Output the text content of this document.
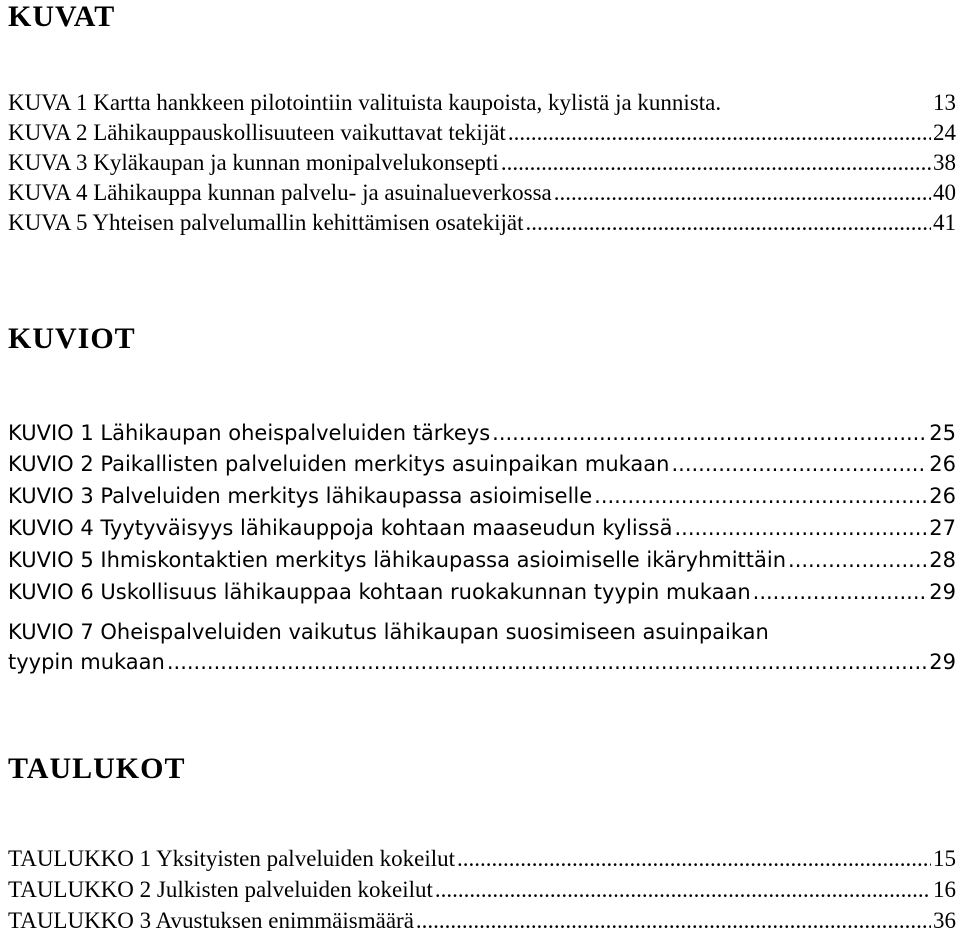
KUVAT
KUVA 1 Kartta hankkeen pilotointiin valituista kaupoista, kylistä ja kunnista.	13
KUVA 2 Lähikauppauskollisuuteen vaikuttavat tekijät .....	24
KUVA 3 Kyläkaupan ja kunnan monipalvelukonsepti .....	38
KUVA 4 Lähikauppa kunnan palvelu- ja asuinalueverkossa .....	40
KUVA 5 Yhteisen palvelumallin kehittämisen osatekijät .....	41
KUVIOT
KUVIO 1 Lähikaupan oheispalveluiden tärkeys .....	25
KUVIO 2 Paikallisten palveluiden merkitys asuinpaikan mukaan .....	26
KUVIO 3 Palveluiden merkitys lähikaupassa asioimiselle .....	26
KUVIO 4 Tyytyväisyys lähikauppoja kohtaan maaseudun kylissä .....	27
KUVIO 5 Ihmiskontaktien merkitys lähikaupassa asioimiselle ikäryhmittäin .....	28
KUVIO 6 Uskollisuus lähikauppaa kohtaan ruokakunnan tyypin mukaan .....	29
KUVIO 7 Oheispalveluiden vaikutus lähikaupan suosimiseen asuinpaikan
tyypin mukaan .....	29
TAULUKOT
TAULUKKO 1 Yksityisten palveluiden kokeilut .....	15
TAULUKKO 2 Julkisten palveluiden kokeilut .....	16
TAULUKKO 3 Avustuksen enimmäismäärä .....	36
